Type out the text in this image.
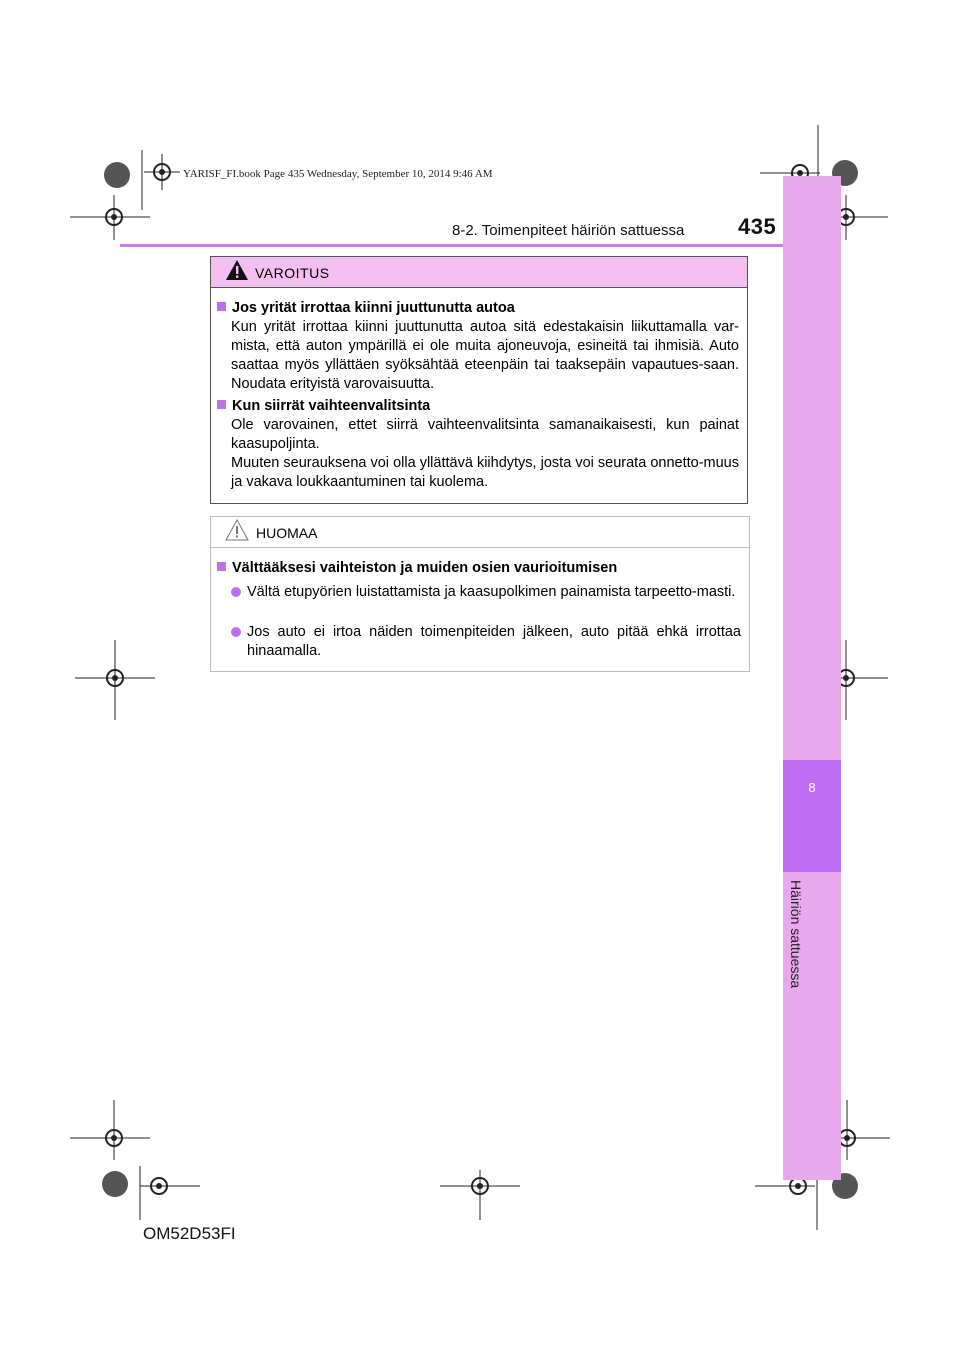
YARISF_FI.book Page 435 Wednesday, September 10, 2014 9:46 AM
8-2. Toimenpiteet häiriön sattuessa 435
8
Häiriön sattuessa
VAROITUS
Jos yrität irrottaa kiinni juuttunutta autoa
Kun yrität irrottaa kiinni juuttunutta autoa sitä edestakaisin liikuttamalla var-mista, että auton ympärillä ei ole muita ajoneuvoja, esineitä tai ihmisiä. Auto saattaa myös yllättäen syöksähtää eteenpäin tai taaksepäin vapautues-saan. Noudata erityistä varovaisuutta.
Kun siirrät vaihteenvalitsinta
Ole varovainen, ettet siirrä vaihteenvalitsinta samanaikaisesti, kun painat kaasupoljinta.
Muuten seurauksena voi olla yllättävä kiihdytys, josta voi seurata onnetto-muus ja vakava loukkaantuminen tai kuolema.
HUOMAA
Välttääksesi vaihteiston ja muiden osien vaurioitumisen
Vältä etupyörien luistattamista ja kaasupolkimen painamista tarpeetto-masti.
Jos auto ei irtoa näiden toimenpiteiden jälkeen, auto pitää ehkä irrottaa hinaamalla.
OM52D53FI
